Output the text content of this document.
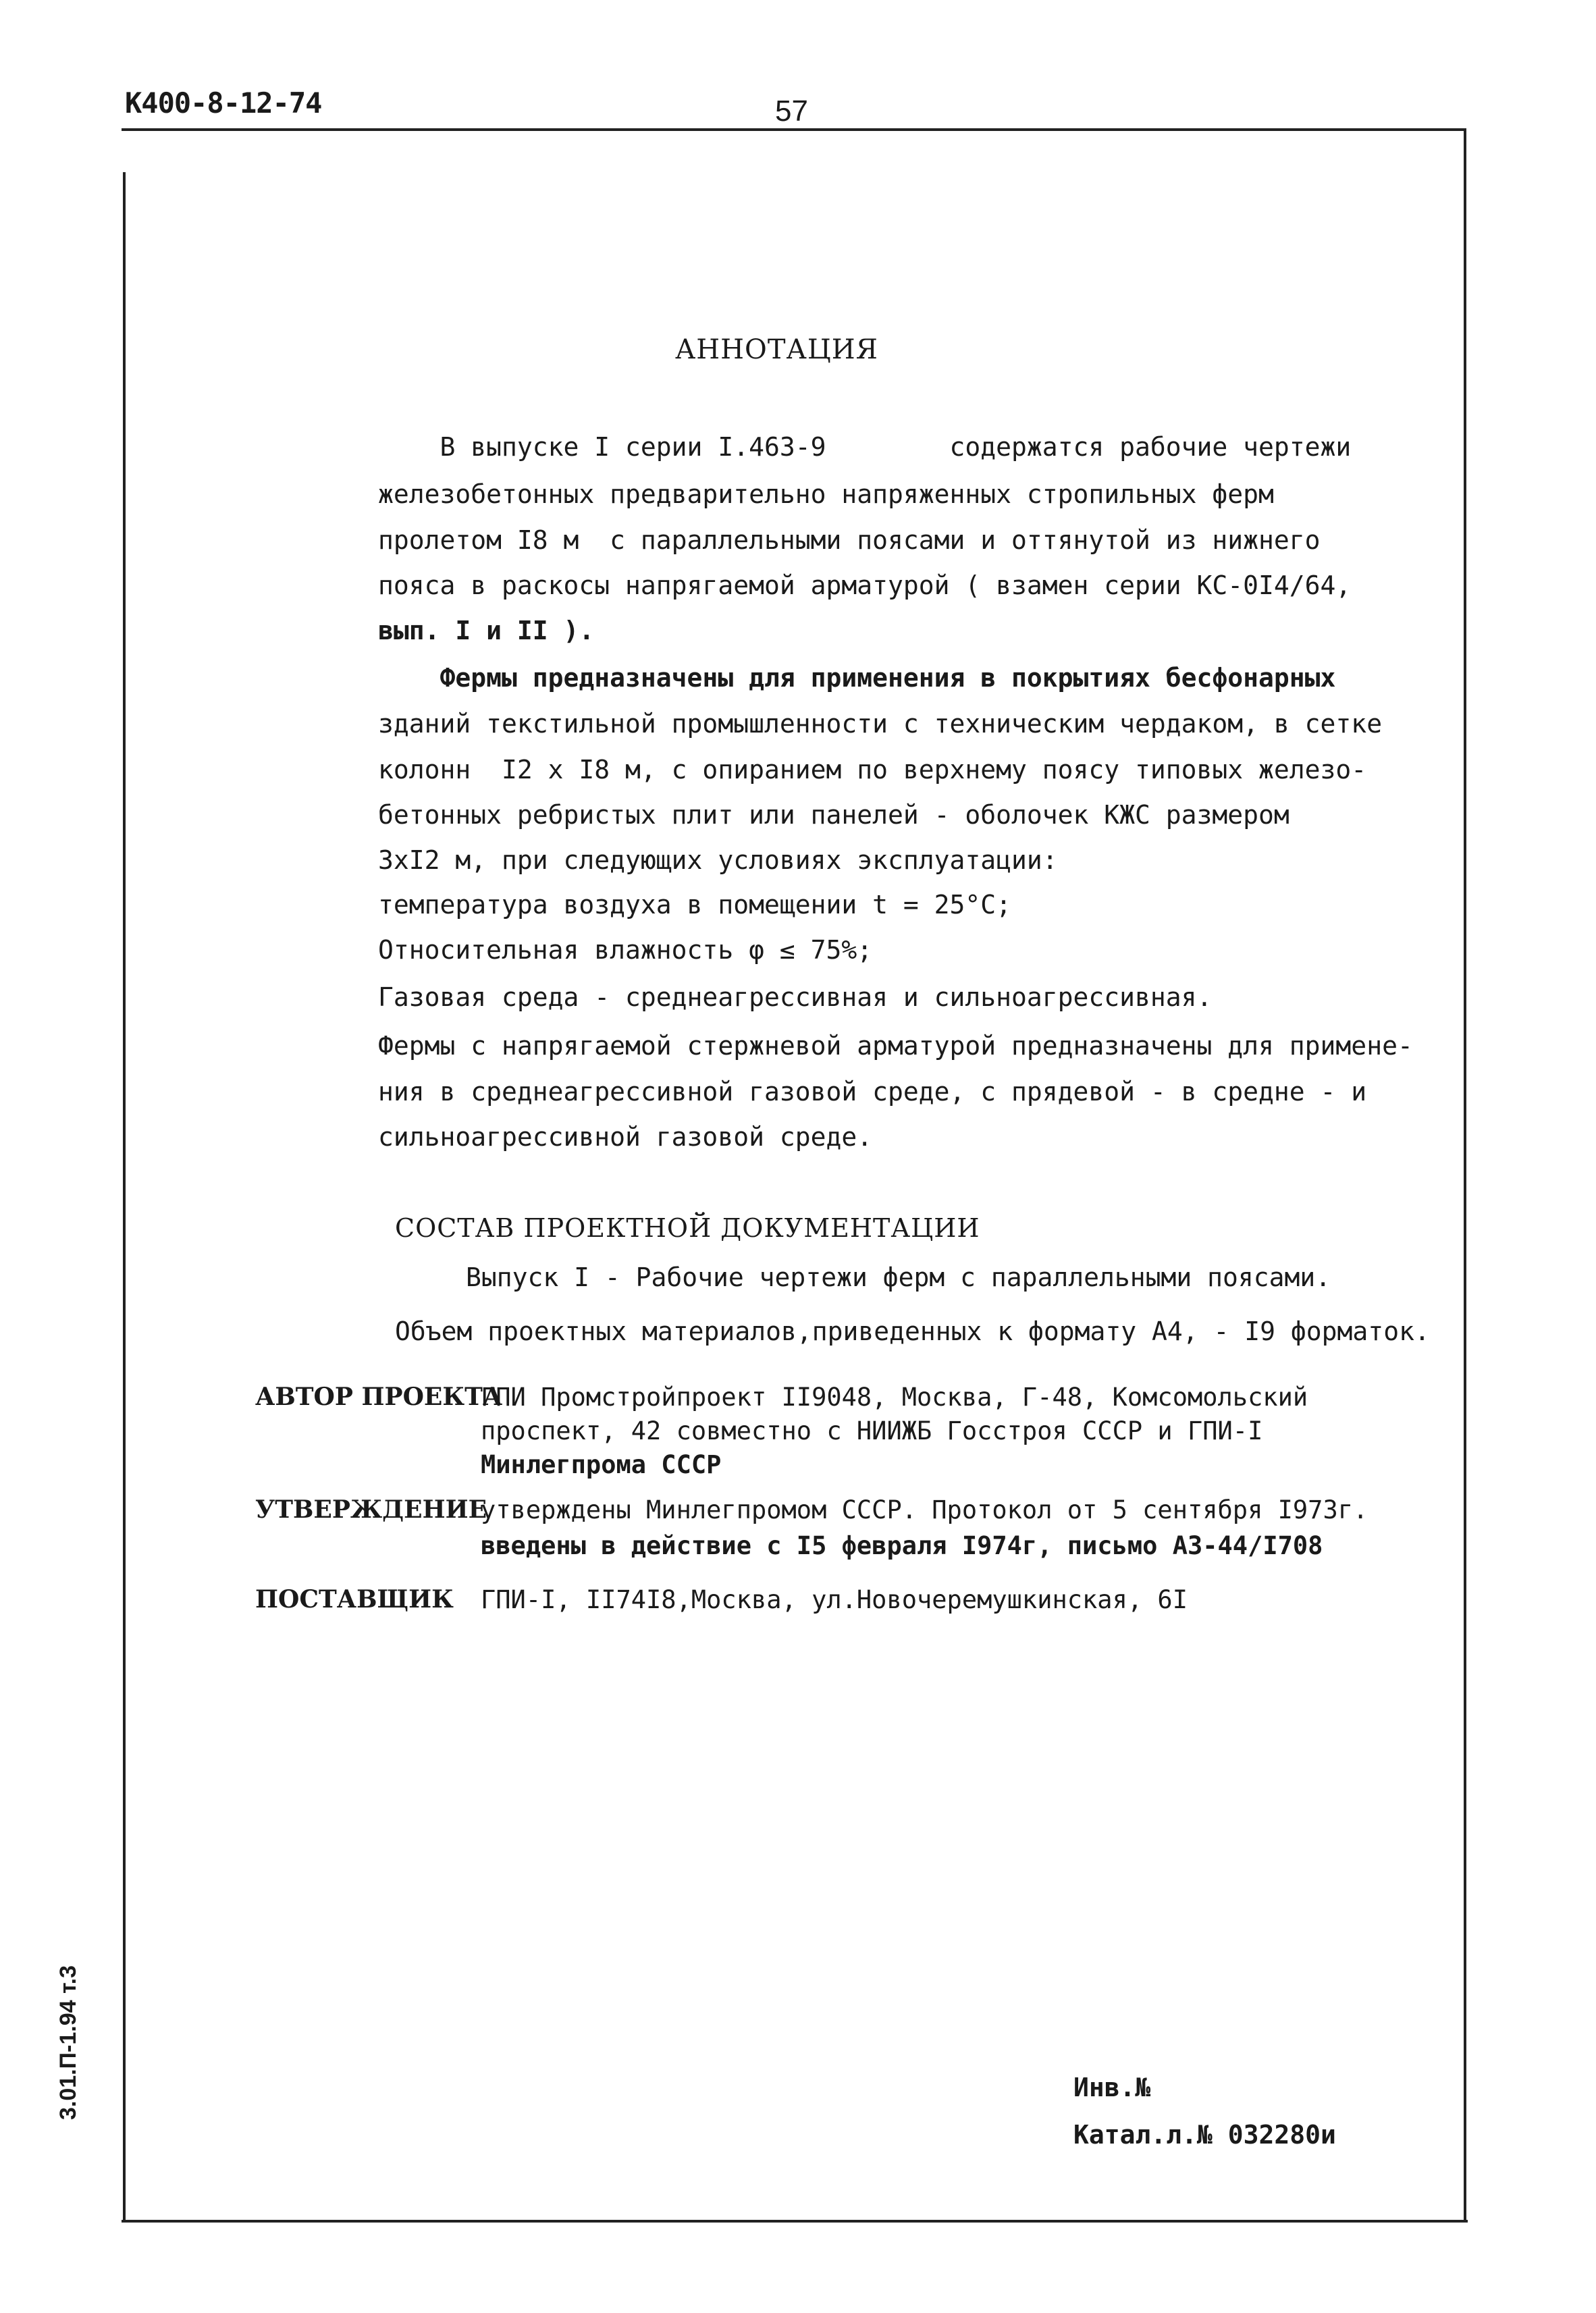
К400-8-12-74	57
АННОТАЦИЯ
В выпуске I серии I.463-9        содержатся рабочие чертежи
железобетонных предварительно напряженных стропильных ферм
пролетом I8 м  с параллельными поясами и оттянутой из нижнего
пояса в раскосы напрягаемой арматурой ( взамен серии КС-0I4/64,
вып. I и II ).
Фермы предназначены для применения в покрытиях бесфонарных
зданий текстильной промышленности с техническим чердаком, в сетке
колонн  I2 x I8 м, с опиранием по верхнему поясу типовых железо-
бетонных ребристых плит или панелей - оболочек КЖС размером
3xI2 м, при следующих условиях эксплуатации:
температура воздуха в помещении t = 25°С;
Относительная влажность φ ≤ 75%;
Газовая среда - среднеагрессивная и сильноагрессивная.
Фермы с напрягаемой стержневой арматурой предназначены для примене-
ния в среднеагрессивной газовой среде, с прядевой - в средне - и
сильноагрессивной газовой среде.
СОСТАВ ПРОЕКТНОЙ ДОКУМЕНТАЦИИ
Выпуск I - Рабочие чертежи ферм с параллельными поясами.
Объем проектных материалов,приведенных к формату А4, - I9 форматок.
АВТОР ПРОЕКТА
ГПИ Промстройпроект II9048, Москва, Г-48, Комсомольский
проспект, 42 совместно с НИИЖБ Госстроя СССР и ГПИ-I
Минлегпрома СССР
УТВЕРЖДЕНИЕ
утверждены Минлегпромом СССР. Протокол от 5 сентября I973г.
введены в действие с I5 февраля I974г, письмо АЗ-44/I708
ПОСТАВЩИК ГПИ-I, II74I8,Москва, ул.Новочеремушкинская, 6I
Инв.№
Катал.л.№ 032280и
3.01.П-1.94 т.3
